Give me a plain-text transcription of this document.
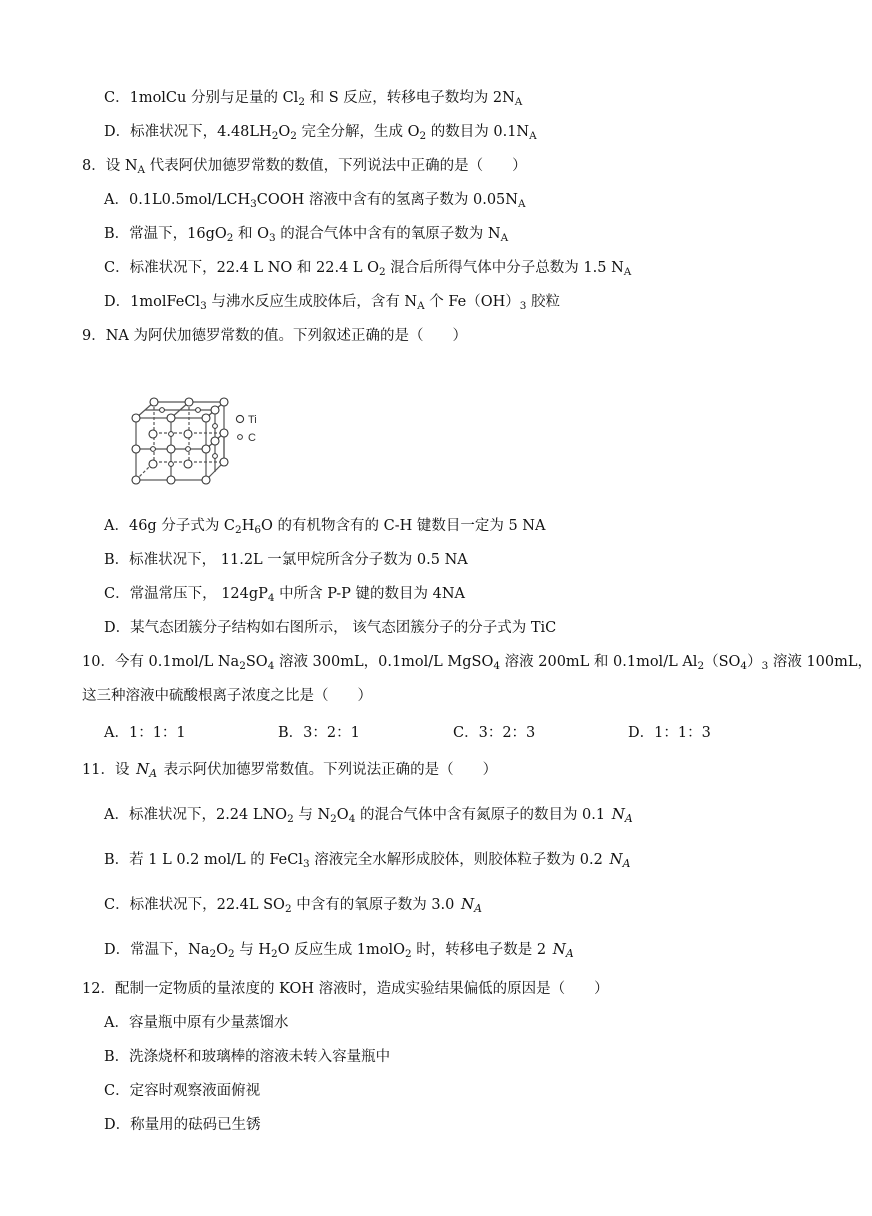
C．1molCu 分别与足量的 $Cl_2$ 和 S 反应，转移电子数均为 $2N_A$
D．标准状况下，$4.48LH_2O_2$ 完全分解，生成 $O_2$ 的数目为 $0.1N_A$
8．设 $N_A$ 代表阿伏加德罗常数的数值，下列说法中正确的是（　　）
A．$0.1L0.5mol/LCH_3COOH$ 溶液中含有的氢离子数为 $0.05N_A$
B．常温下，$16gO_2$ 和 $O_3$ 的混合气体中含有的氧原子数为 $N_A$
C．标准状况下，22.4 L NO 和 22.4 L $O_2$ 混合后所得气体中分子总数为 1.5 $N_A$
D．1molFeCl$_3$ 与沸水反应生成胶体后，含有 $N_A$ 个 $Fe(OH)_3$ 胶粒
9．NA 为阿伏加德罗常数的值。下列叙述正确的是（　　）
Ti
C
A．46g 分子式为 $C_2H_6O$ 的有机物含有的 C-H 键数目一定为 5 NA
B．标准状况下， 11.2L 一氯甲烷所含分子数为 0.5 NA
C．常温常压下， $124gP_4$ 中所含 P-P 键的数目为 4NA
D．某气态团簇分子结构如右图所示， 该气态团簇分子的分子式为 TiC
10．今有 0.1mol/L $Na_2SO_4$ 溶液 300mL，0.1mol/L MgSO$_4$ 溶液 200mL 和 0.1mol/L $Al_2(SO_4)_3$ 溶液 100mL，
这三种溶液中硫酸根离子浓度之比是（　　）
A．1：1：1	B．3：2：1	C．3：2：3	D．1：1：3
11．设 $N_A$ 表示阿伏加德罗常数值。下列说法正确的是（　　）
A．标准状况下，2.24 $LNO_2$ 与 $N_2O_4$ 的混合气体中含有氮原子的数目为 0.1 $N_A$
B．若 1 L 0.2 mol/L 的 FeCl$_3$ 溶液完全水解形成胶体，则胶体粒子数为 0.2 $N_A$
C．标准状况下，22.4L $SO_2$ 中含有的氧原子数为 3.0 $N_A$
D．常温下，$Na_2O_2$ 与 $H_2O$ 反应生成 1molO$_2$ 时，转移电子数是 2 $N_A$
12．配制一定物质的量浓度的 KOH 溶液时，造成实验结果偏低的原因是（　　）
A．容量瓶中原有少量蒸馏水
B．洗涤烧杯和玻璃棒的溶液未转入容量瓶中
C．定容时观察液面俯视
D．称量用的砝码已生锈
